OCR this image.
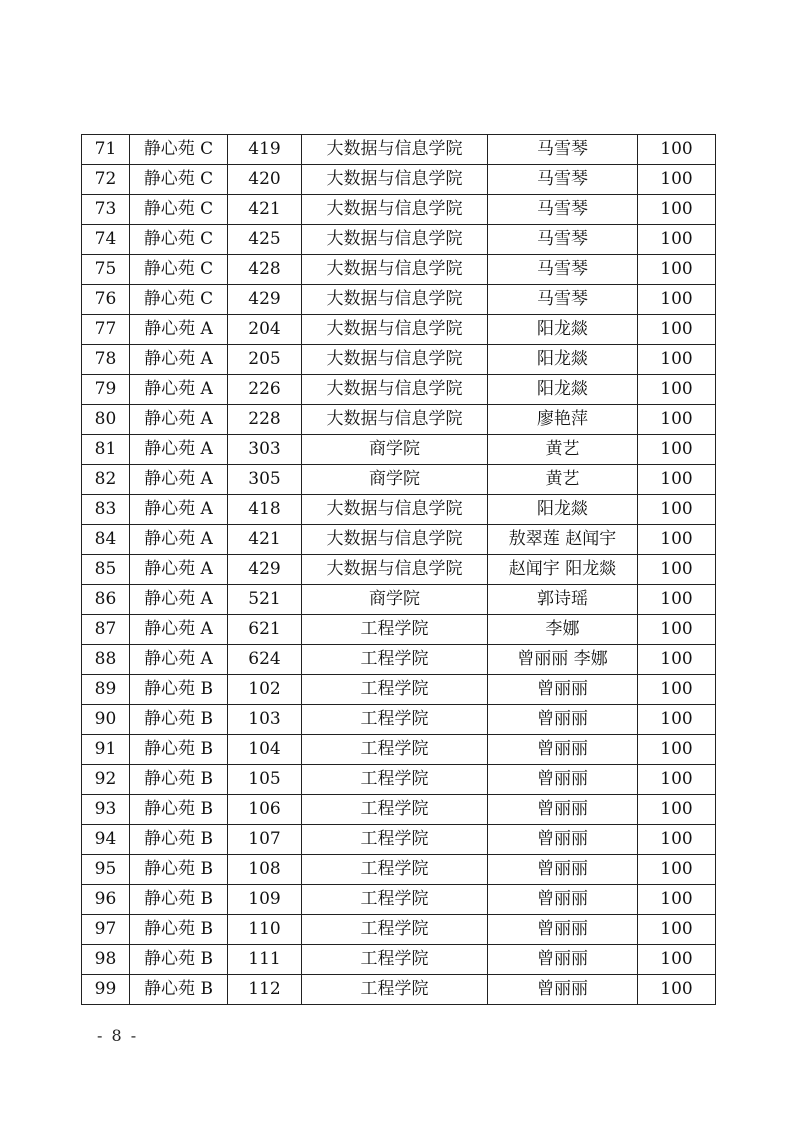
71	静心苑 C	419	大数据与信息学院	马雪琴	100
72	静心苑 C	420	大数据与信息学院	马雪琴	100
73	静心苑 C	421	大数据与信息学院	马雪琴	100
74	静心苑 C	425	大数据与信息学院	马雪琴	100
75	静心苑 C	428	大数据与信息学院	马雪琴	100
76	静心苑 C	429	大数据与信息学院	马雪琴	100
77	静心苑 A	204	大数据与信息学院	阳龙燚	100
78	静心苑 A	205	大数据与信息学院	阳龙燚	100
79	静心苑 A	226	大数据与信息学院	阳龙燚	100
80	静心苑 A	228	大数据与信息学院	廖艳萍	100
81	静心苑 A	303	商学院	黄艺	100
82	静心苑 A	305	商学院	黄艺	100
83	静心苑 A	418	大数据与信息学院	阳龙燚	100
84	静心苑 A	421	大数据与信息学院	敖翠莲 赵闻宇	100
85	静心苑 A	429	大数据与信息学院	赵闻宇 阳龙燚	100
86	静心苑 A	521	商学院	郭诗瑶	100
87	静心苑 A	621	工程学院	李娜	100
88	静心苑 A	624	工程学院	曾丽丽 李娜	100
89	静心苑 B	102	工程学院	曾丽丽	100
90	静心苑 B	103	工程学院	曾丽丽	100
91	静心苑 B	104	工程学院	曾丽丽	100
92	静心苑 B	105	工程学院	曾丽丽	100
93	静心苑 B	106	工程学院	曾丽丽	100
94	静心苑 B	107	工程学院	曾丽丽	100
95	静心苑 B	108	工程学院	曾丽丽	100
96	静心苑 B	109	工程学院	曾丽丽	100
97	静心苑 B	110	工程学院	曾丽丽	100
98	静心苑 B	111	工程学院	曾丽丽	100
99	静心苑 B	112	工程学院	曾丽丽	100
- 8 -
